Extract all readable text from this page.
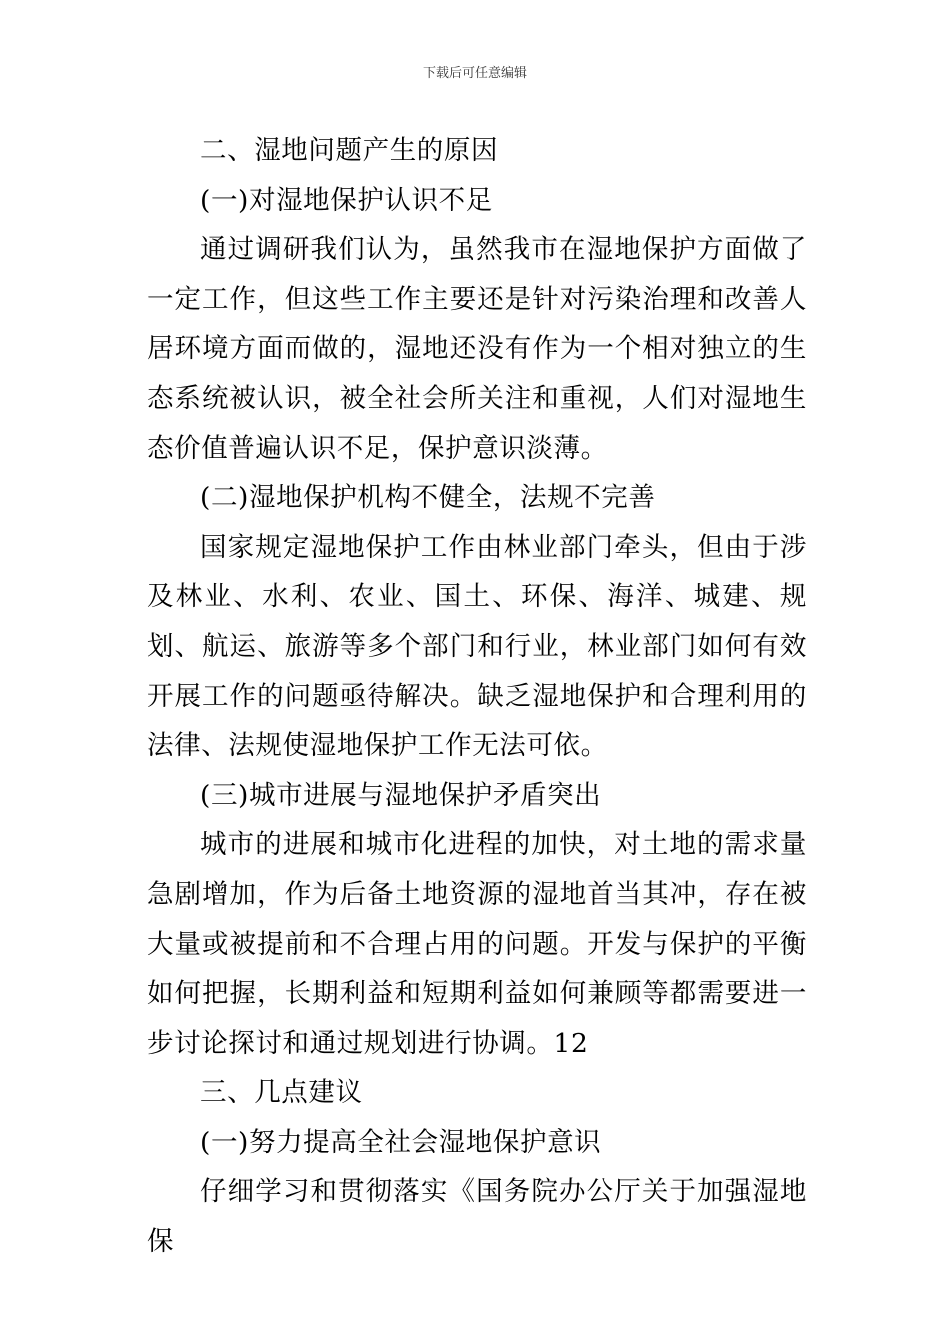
下载后可任意编辑

二、湿地问题产生的原因

(一)对湿地保护认识不足

通过调研我们认为，虽然我市在湿地保护方面做了一定工作，但这些工作主要还是针对污染治理和改善人居环境方面而做的，湿地还没有作为一个相对独立的生态系统被认识，被全社会所关注和重视，人们对湿地生态价值普遍认识不足，保护意识淡薄。

(二)湿地保护机构不健全，法规不完善

国家规定湿地保护工作由林业部门牵头，但由于涉及林业、水利、农业、国土、环保、海洋、城建、规划、航运、旅游等多个部门和行业，林业部门如何有效开展工作的问题亟待解决。缺乏湿地保护和合理利用的法律、法规使湿地保护工作无法可依。

(三)城市进展与湿地保护矛盾突出

城市的进展和城市化进程的加快，对土地的需求量急剧增加，作为后备土地资源的湿地首当其冲，存在被大量或被提前和不合理占用的问题。开发与保护的平衡如何把握，长期利益和短期利益如何兼顾等都需要进一步讨论探讨和通过规划进行协调。12

三、几点建议

(一)努力提高全社会湿地保护意识

仔细学习和贯彻落实《国务院办公厅关于加强湿地保
